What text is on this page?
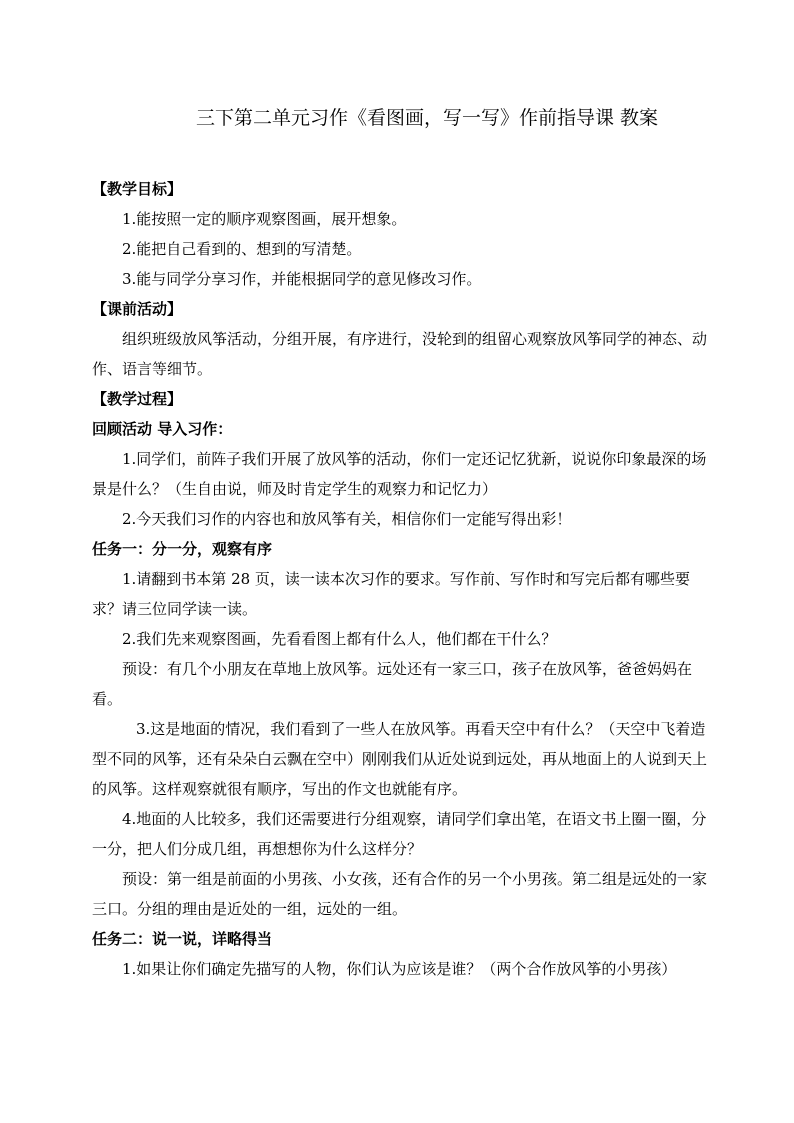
三下第二单元习作《看图画，写一写》作前指导课 教案
【教学目标】
1.能按照一定的顺序观察图画，展开想象。
2.能把自己看到的、想到的写清楚。
3.能与同学分享习作，并能根据同学的意见修改习作。
【课前活动】
组织班级放风筝活动，分组开展，有序进行，没轮到的组留心观察放风筝同学的神态、动作、语言等细节。
【教学过程】
回顾活动 导入习作：
1.同学们，前阵子我们开展了放风筝的活动，你们一定还记忆犹新，说说你印象最深的场景是什么？（生自由说，师及时肯定学生的观察力和记忆力）
2.今天我们习作的内容也和放风筝有关，相信你们一定能写得出彩！
任务一：分一分，观察有序
1.请翻到书本第 28 页，读一读本次习作的要求。写作前、写作时和写完后都有哪些要求？请三位同学读一读。
2.我们先来观察图画，先看看图上都有什么人，他们都在干什么？
预设：有几个小朋友在草地上放风筝。远处还有一家三口，孩子在放风筝，爸爸妈妈在看。
3.这是地面的情况，我们看到了一些人在放风筝。再看天空中有什么？（天空中飞着造型不同的风筝，还有朵朵白云飘在空中）刚刚我们从近处说到远处，再从地面上的人说到天上的风筝。这样观察就很有顺序，写出的作文也就能有序。
4.地面的人比较多，我们还需要进行分组观察，请同学们拿出笔，在语文书上圈一圈，分一分，把人们分成几组，再想想你为什么这样分？
预设：第一组是前面的小男孩、小女孩，还有合作的另一个小男孩。第二组是远处的一家三口。分组的理由是近处的一组，远处的一组。
任务二：说一说，详略得当
1.如果让你们确定先描写的人物，你们认为应该是谁？（两个合作放风筝的小男孩）
